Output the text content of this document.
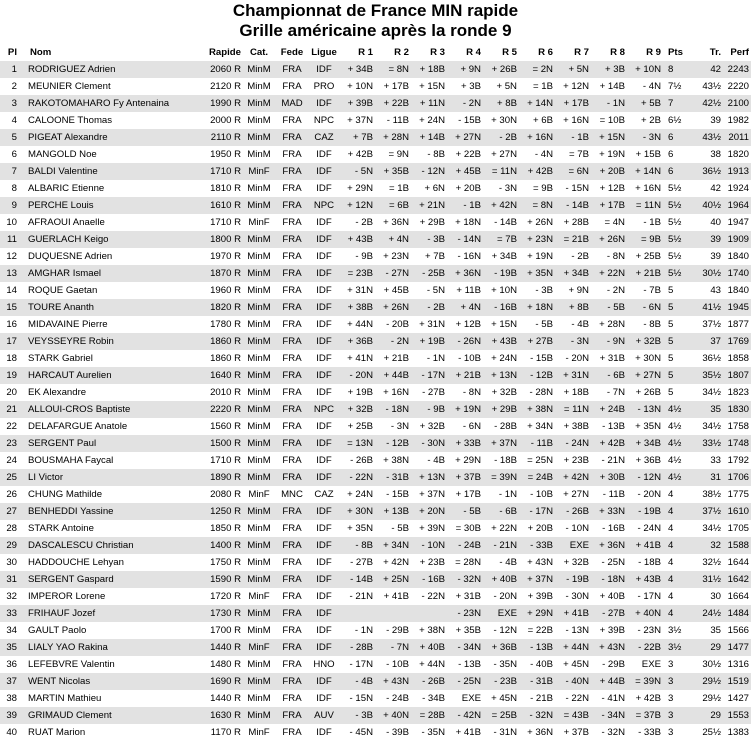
Championnat de France MIN rapide
Grille américaine après la ronde 9
Pl	Nom	Rapide	Cat.	Fede	Ligue	R 1	R 2	R 3	R 4	R 5	R 6	R 7	R 8	R 9	Pts	Tr.	Perf
1	RODRIGUEZ Adrien	2060 R	MinM	FRA	IDF	+ 34B	= 8N	+ 18B	+ 9N	+ 26B	= 2N	+ 5N	+ 3B	+ 10N	8	42	2243
2	MEUNIER Clement	2120 R	MinM	FRA	PRO	+ 10N	+ 17B	+ 15N	+ 3B	+ 5N	= 1B	+ 12N	+ 14B	- 4N	7½	43½	2220
3	RAKOTOMAHARO Fy Antenaina	1990 R	MinM	MAD	IDF	+ 39B	+ 22B	+ 11N	- 2N	+ 8B	+ 14N	+ 17B	- 1N	+ 5B	7	42½	2100
4	CALOONE Thomas	2000 R	MinM	FRA	NPC	+ 37N	- 11B	+ 24N	- 15B	+ 30N	+ 6B	+ 16N	= 10B	+ 2B	6½	39	1982
5	PIGEAT Alexandre	2110 R	MinM	FRA	CAZ	+ 7B	+ 28N	+ 14B	+ 27N	- 2B	+ 16N	- 1B	+ 15N	- 3N	6	43½	2011
6	MANGOLD Noe	1950 R	MinM	FRA	IDF	+ 42B	= 9N	- 8B	+ 22B	+ 27N	- 4N	= 7B	+ 19N	+ 15B	6	38	1820
7	BALDI Valentine	1710 R	MinF	FRA	IDF	- 5N	+ 35B	- 12N	+ 45B	= 11N	+ 42B	= 6N	+ 20B	+ 14N	6	36½	1913
8	ALBARIC Etienne	1810 R	MinM	FRA	IDF	+ 29N	= 1B	+ 6N	+ 20B	- 3N	= 9B	- 15N	+ 12B	+ 16N	5½	42	1924
9	PERCHE Louis	1610 R	MinM	FRA	NPC	+ 12N	= 6B	+ 21N	- 1B	+ 42N	= 8N	- 14B	+ 17B	= 11N	5½	40½	1964
10	AFRAOUI Anaelle	1710 R	MinF	FRA	IDF	- 2B	+ 36N	+ 29B	+ 18N	- 14B	+ 26N	+ 28B	= 4N	- 1B	5½	40	1947
11	GUERLACH Keigo	1800 R	MinM	FRA	IDF	+ 43B	+ 4N	- 3B	- 14N	= 7B	+ 23N	= 21B	+ 26N	= 9B	5½	39	1909
12	DUQUESNE Adrien	1970 R	MinM	FRA	IDF	- 9B	+ 23N	+ 7B	- 16N	+ 34B	+ 19N	- 2B	- 8N	+ 25B	5½	39	1840
13	AMGHAR Ismael	1870 R	MinM	FRA	IDF	= 23B	- 27N	- 25B	+ 36N	- 19B	+ 35N	+ 34B	+ 22N	+ 21B	5½	30½	1740
14	ROQUE Gaetan	1960 R	MinM	FRA	IDF	+ 31N	+ 45B	- 5N	+ 11B	+ 10N	- 3B	+ 9N	- 2N	- 7B	5	43	1840
15	TOURE Ananth	1820 R	MinM	FRA	IDF	+ 38B	+ 26N	- 2B	+ 4N	- 16B	+ 18N	+ 8B	- 5B	- 6N	5	41½	1945
16	MIDAVAINE Pierre	1780 R	MinM	FRA	IDF	+ 44N	- 20B	+ 31N	+ 12B	+ 15N	- 5B	- 4B	+ 28N	- 8B	5	37½	1877
17	VEYSSEYRE Robin	1860 R	MinM	FRA	IDF	+ 36B	- 2N	+ 19B	- 26N	+ 43B	+ 27B	- 3N	- 9N	+ 32B	5	37	1769
18	STARK Gabriel	1860 R	MinM	FRA	IDF	+ 41N	+ 21B	- 1N	- 10B	+ 24N	- 15B	- 20N	+ 31B	+ 30N	5	36½	1858
19	HARCAUT Aurelien	1640 R	MinM	FRA	IDF	- 20N	+ 44B	- 17N	+ 21B	+ 13N	- 12B	+ 31N	- 6B	+ 27N	5	35½	1807
20	EK Alexandre	2010 R	MinM	FRA	IDF	+ 19B	+ 16N	- 27B	- 8N	+ 32B	- 28N	+ 18B	- 7N	+ 26B	5	34½	1823
21	ALLOUI-CROS Baptiste	2220 R	MinM	FRA	NPC	+ 32B	- 18N	- 9B	+ 19N	+ 29B	+ 38N	= 11N	+ 24B	- 13N	4½	35	1830
22	DELAFARGUE Anatole	1560 R	MinM	FRA	IDF	+ 25B	- 3N	+ 32B	- 6N	- 28B	+ 34N	+ 38B	- 13B	+ 35N	4½	34½	1758
23	SERGENT Paul	1500 R	MinM	FRA	IDF	= 13N	- 12B	- 30N	+ 33B	+ 37N	- 11B	- 24N	+ 42B	+ 34B	4½	33½	1748
24	BOUSMAHA Faycal	1710 R	MinM	FRA	IDF	- 26B	+ 38N	- 4B	+ 29N	- 18B	= 25N	+ 23B	- 21N	+ 36B	4½	33	1792
25	LI Victor	1890 R	MinM	FRA	IDF	- 22N	- 31B	+ 13N	+ 37B	= 39N	= 24B	+ 42N	+ 30B	- 12N	4½	31	1706
26	CHUNG Mathilde	2080 R	MinF	MNC	CAZ	+ 24N	- 15B	+ 37N	+ 17B	- 1N	- 10B	+ 27N	- 11B	- 20N	4	38½	1775
27	BENHEDDI Yassine	1250 R	MinM	FRA	IDF	+ 30N	+ 13B	+ 20N	- 5B	- 6B	- 17N	- 26B	+ 33N	- 19B	4	37½	1610
28	STARK Antoine	1850 R	MinM	FRA	IDF	+ 35N	- 5B	+ 39N	= 30B	+ 22N	+ 20B	- 10N	- 16B	- 24N	4	34½	1705
29	DASCALESCU Christian	1400 R	MinM	FRA	IDF	- 8B	+ 34N	- 10N	- 24B	- 21N	- 33B	EXE	+ 36N	+ 41B	4	32	1588
30	HADDOUCHE Lehyan	1750 R	MinM	FRA	IDF	- 27B	+ 42N	+ 23B	= 28N	- 4B	+ 43N	+ 32B	- 25N	- 18B	4	32½	1644
31	SERGENT Gaspard	1590 R	MinM	FRA	IDF	- 14B	+ 25N	- 16B	- 32N	+ 40B	+ 37N	- 19B	- 18N	+ 43B	4	31½	1642
32	IMPEROR Lorene	1720 R	MinF	FRA	IDF	- 21N	+ 41B	- 22N	+ 31B	- 20N	+ 39B	- 30N	+ 40B	- 17N	4	30	1664
33	FRIHAUF Jozef	1730 R	MinM	FRA	IDF				- 23N	EXE	+ 29N	+ 41B	- 27B	+ 40N	4	24½	1484
34	GAULT Paolo	1700 R	MinM	FRA	IDF	- 1N	- 29B	+ 38N	+ 35B	- 12N	= 22B	- 13N	+ 39B	- 23N	3½	35	1566
35	LIALY YAO Rakina	1440 R	MinF	FRA	IDF	- 28B	- 7N	+ 40B	- 34N	+ 36B	- 13B	+ 44N	+ 43N	- 22B	3½	29	1477
36	LEFEBVRE Valentin	1480 R	MinM	FRA	HNO	- 17N	- 10B	+ 44N	- 13B	- 35N	- 40B	+ 45N	- 29B	EXE	3	30½	1316
37	WENT Nicolas	1690 R	MinM	FRA	IDF	- 4B	+ 43N	- 26B	- 25N	- 23B	- 31B	- 40N	+ 44B	= 39N	3	29½	1519
38	MARTIN Mathieu	1440 R	MinM	FRA	IDF	- 15N	- 24B	- 34B	EXE	+ 45N	- 21B	- 22N	- 41N	+ 42B	3	29½	1427
39	GRIMAUD Clement	1630 R	MinM	FRA	AUV	- 3B	+ 40N	= 28B	- 42N	= 25B	- 32N	= 43B	- 34N	= 37B	3	29	1553
40	RUAT Marion	1170 R	MinF	FRA	IDF	- 45N	- 39B	- 35N	+ 41B	- 31N	+ 36N	+ 37B	- 32N	- 33B	3	25½	1383
